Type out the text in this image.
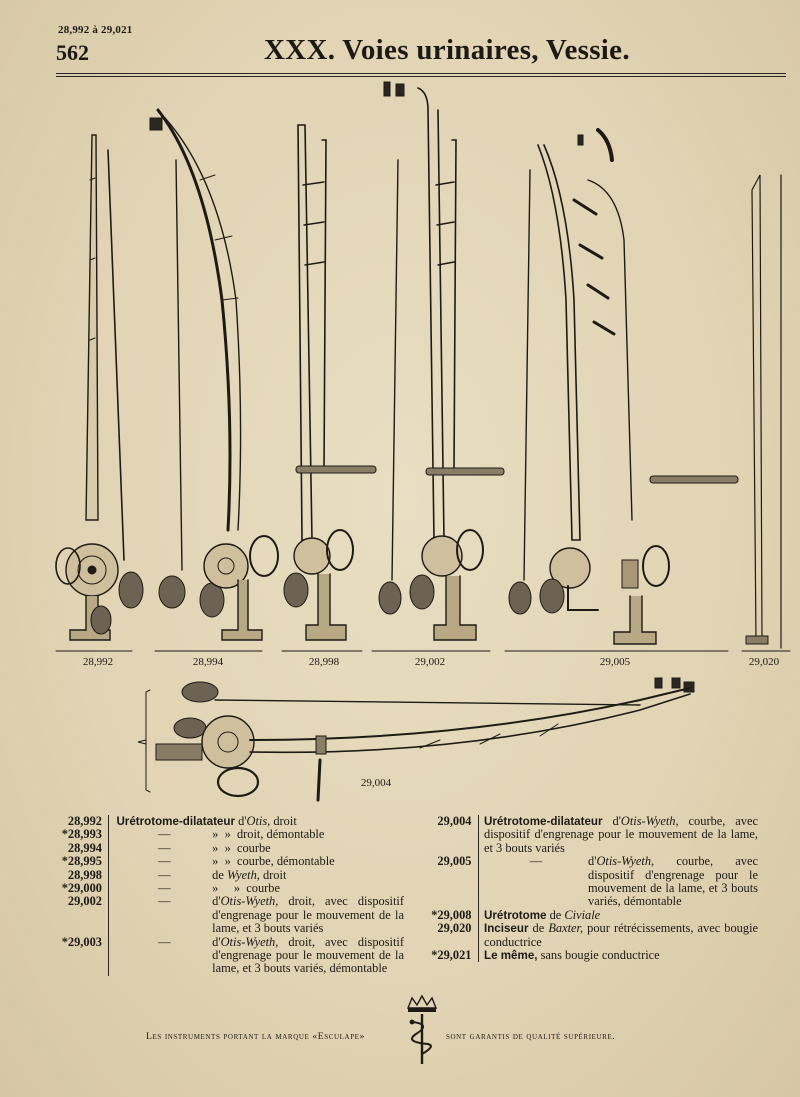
28,992 à 29,021
562	XXX. Voies urinaires, Vessie.
28,992	28,994	28,998	29,002	29,005	29,020
29,004
28,992		Urétrotome-dilatateur d'Otis, droit	
*28,993		—	»  »  droit, démontable
28,994		—	»  »  courbe
*28,995		—	»  »  courbe, démontable
28,998		—	de Wyeth, droit
*29,000		—	»     »  courbe
29,002		—	d'Otis-Wyeth, droit, avec dispositif d'engrenage pour le mouvement de la lame, et 3 bouts variés
*29,003		—	d'Otis-Wyeth, droit, avec dispositif d'engrenage pour le mouvement de la lame, et 3 bouts variés, démontable
29,004		Urétrotome-dilatateur d'Otis-Wyeth, courbe, avec dispositif d'engrenage pour le mouvement de la lame, et 3 bouts variés	
29,005		—	d'Otis-Wyeth, courbe, avec dispositif d'engrenage pour le mouvement de la lame, et 3 bouts variés, démontable
*29,008		Urétrotome de Civiale	
29,020		Inciseur de Baxter, pour rétrécissements, avec bougie conductrice	
*29,021		Le même, sans bougie conductrice	
Les instruments portant la marque «Esculape»	sont garantis de qualité supérieure.
